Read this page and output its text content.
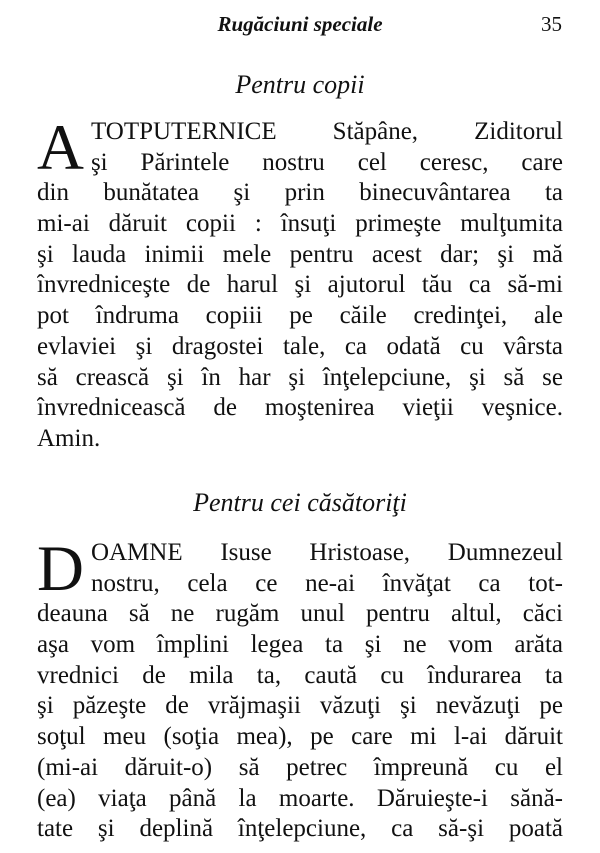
Rugăciuni speciale	35
Pentru copii
A TOTPUTERNICE Stăpâne, Ziditorul
şi Părintele nostru cel ceresc, care
din bunătatea şi prin binecuvântarea ta
mi-ai dăruit copii : însuţi primeşte mulţumita
şi lauda inimii mele pentru acest dar; şi mă
învredniceşte de harul şi ajutorul tău ca să-mi
pot îndruma copiii pe căile credinţei, ale
evlaviei şi dragostei tale, ca odată cu vârsta
să crească şi în har şi înţelepciune, şi să se
învrednicească de moştenirea vieţii veşnice.
Amin.
Pentru cei căsătoriţi
D OAMNE Isuse Hristoase, Dumnezeul
nostru, cela ce ne-ai învăţat ca tot-
deauna să ne rugăm unul pentru altul, căci
aşa vom împlini legea ta şi ne vom arăta
vrednici de mila ta, caută cu îndurarea ta
şi păzeşte de vrăjmaşii văzuţi şi nevăzuţi pe
soţul meu (soţia mea), pe care mi l-ai dăruit
(mi-ai dăruit-o) să petrec împreună cu el
(ea) viaţa până la moarte. Dăruieşte-i sănă-
tate şi deplină înţelepciune, ca să-şi poată
